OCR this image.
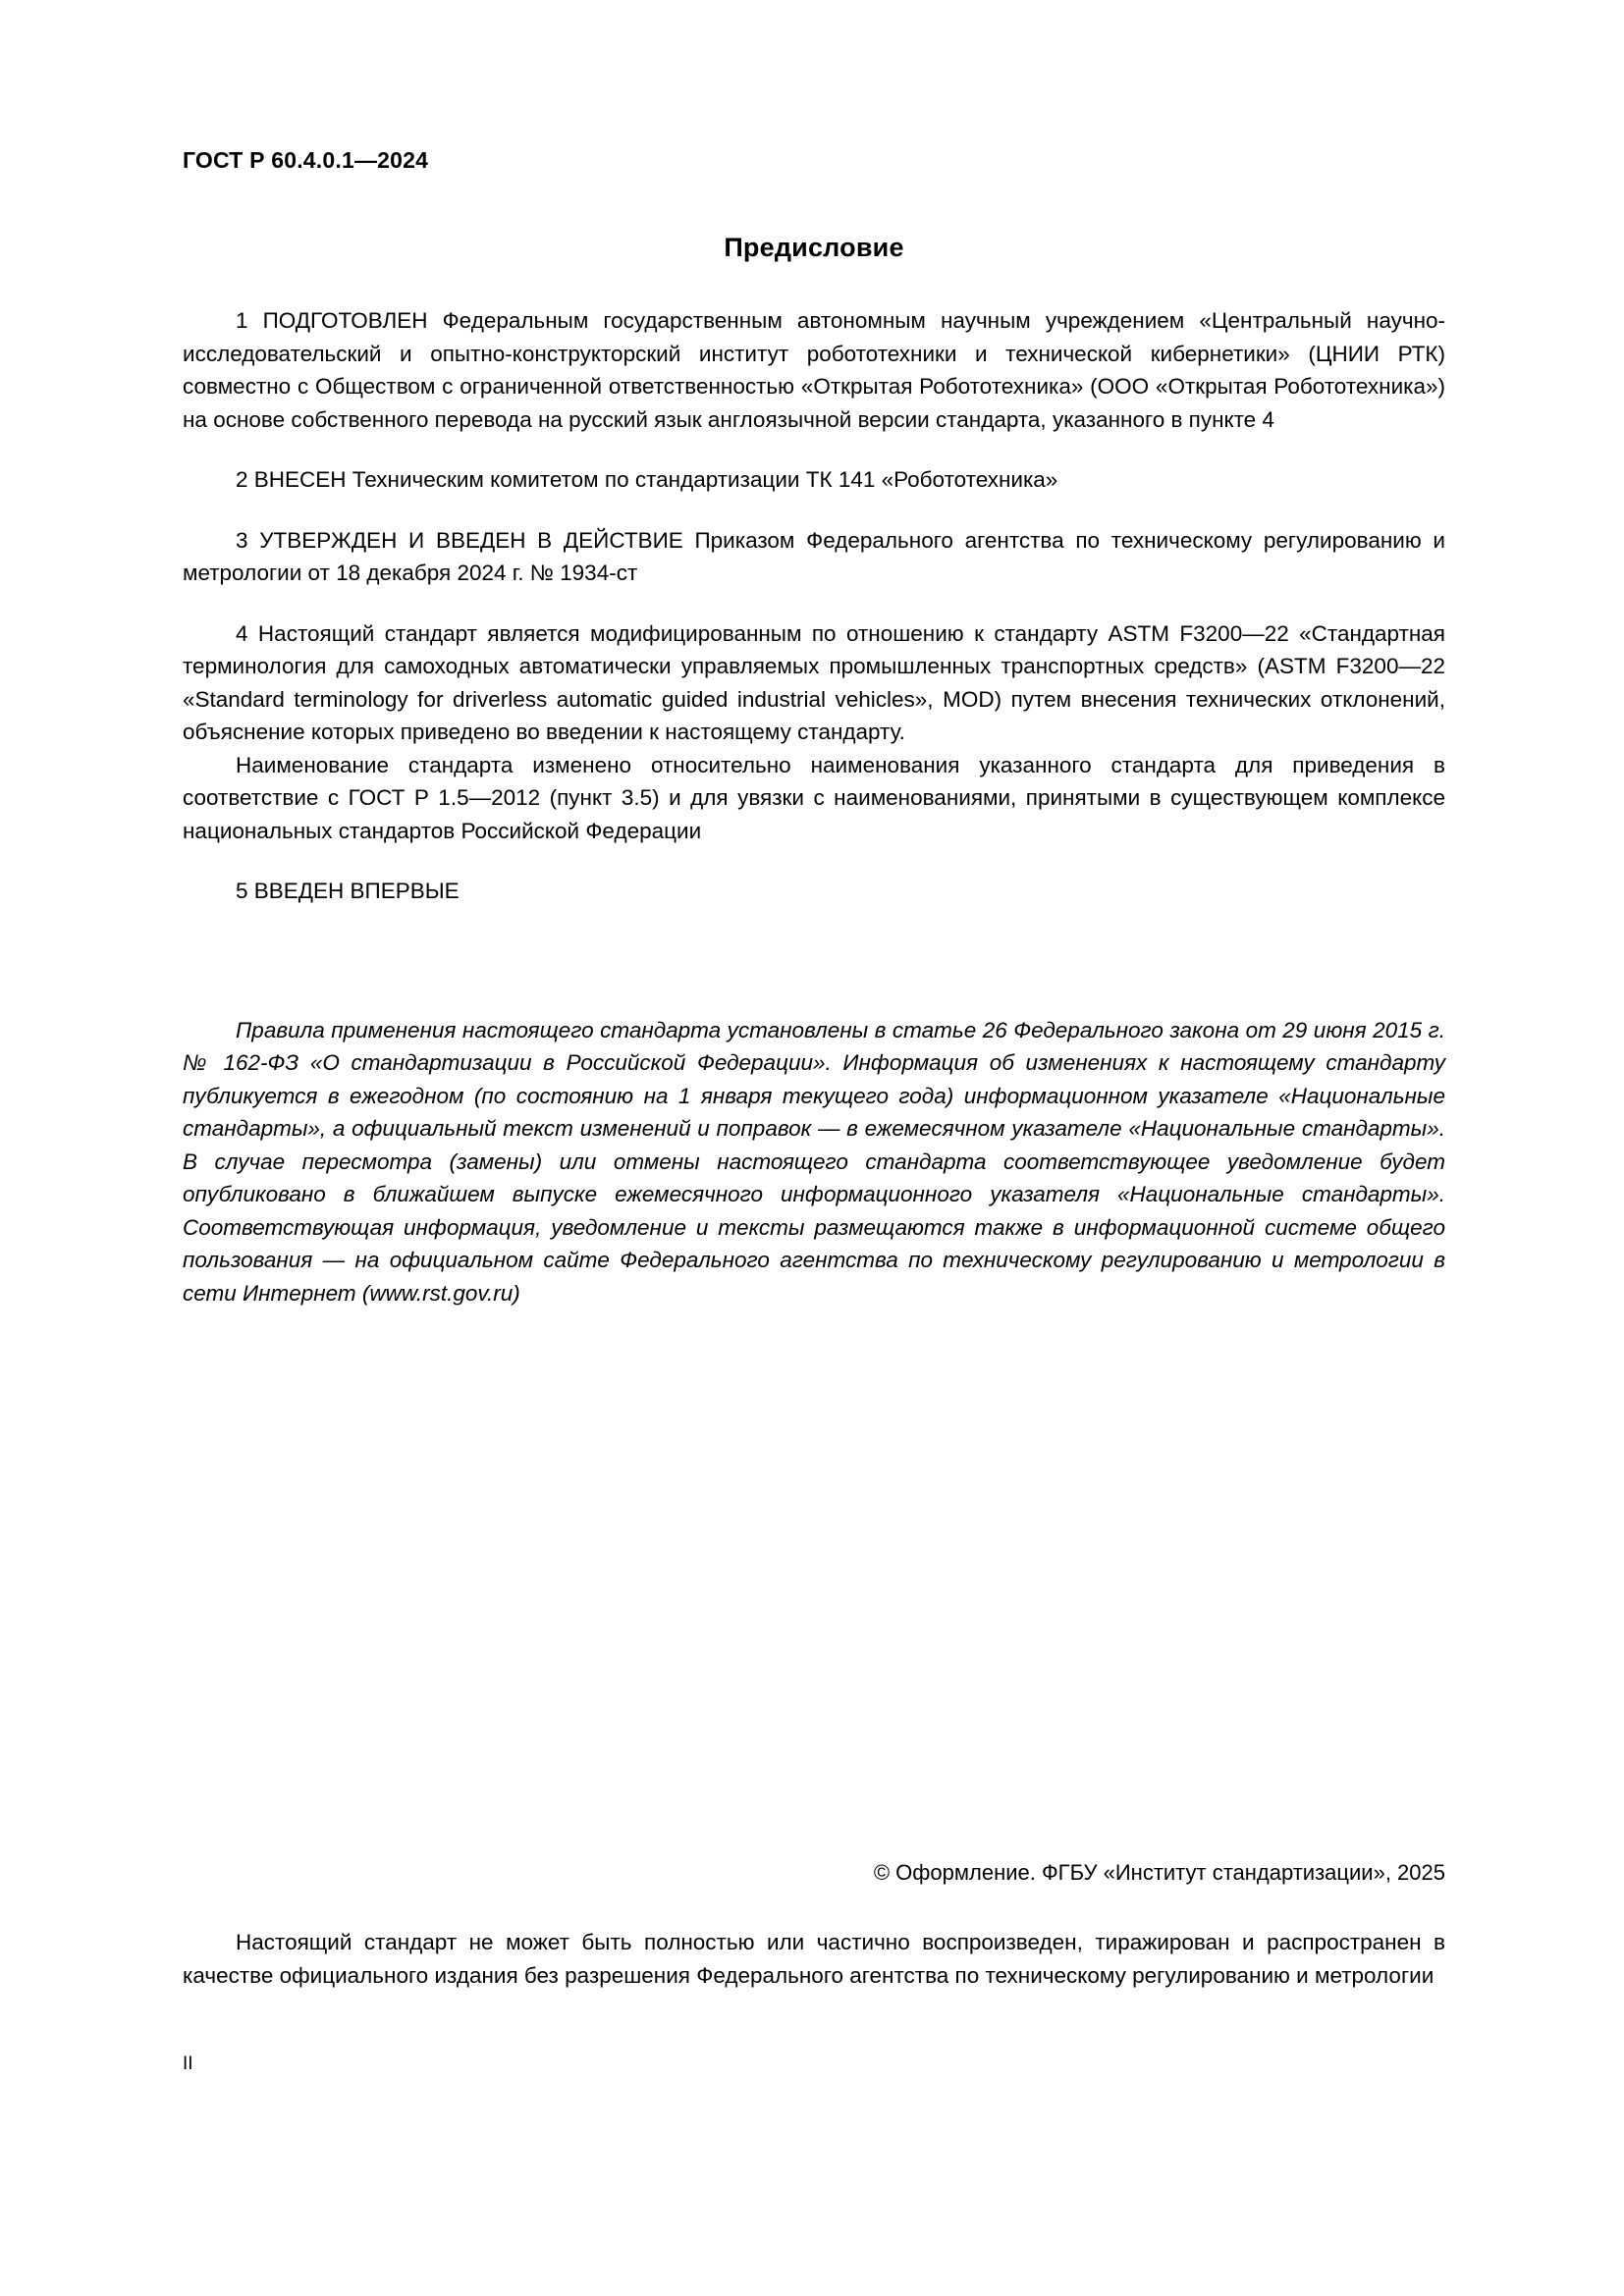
ГОСТ Р 60.4.0.1—2024
Предисловие

1 ПОДГОТОВЛЕН Федеральным государственным автономным научным учреждением «Центральный научно-исследовательский и опытно-конструкторский институт робототехники и технической кибернетики» (ЦНИИ РТК) совместно с Обществом с ограниченной ответственностью «Открытая Робототехника» (ООО «Открытая Робототехника») на основе собственного перевода на русский язык англоязычной версии стандарта, указанного в пункте 4

2 ВНЕСЕН Техническим комитетом по стандартизации ТК 141 «Робототехника»

3 УТВЕРЖДЕН И ВВЕДЕН В ДЕЙСТВИЕ Приказом Федерального агентства по техническому регулированию и метрологии от 18 декабря 2024 г. № 1934-ст

4 Настоящий стандарт является модифицированным по отношению к стандарту ASTM F3200—22 «Стандартная терминология для самоходных автоматически управляемых промышленных транспортных средств» (ASTM F3200—22 «Standard terminology for driverless automatic guided industrial vehicles», MOD) путем внесения технических отклонений, объяснение которых приведено во введении к настоящему стандарту.

Наименование стандарта изменено относительно наименования указанного стандарта для приведения в соответствие с ГОСТ Р 1.5—2012 (пункт 3.5) и для увязки с наименованиями, принятыми в существующем комплексе национальных стандартов Российской Федерации

5 ВВЕДЕН ВПЕРВЫЕ

Правила применения настоящего стандарта установлены в статье 26 Федерального закона от 29 июня 2015 г. № 162-ФЗ «О стандартизации в Российской Федерации». Информация об изменениях к настоящему стандарту публикуется в ежегодном (по состоянию на 1 января текущего года) информационном указателе «Национальные стандарты», а официальный текст изменений и поправок — в ежемесячном указателе «Национальные стандарты». В случае пересмотра (замены) или отмены настоящего стандарта соответствующее уведомление будет опубликовано в ближайшем выпуске ежемесячного информационного указателя «Национальные стандарты». Соответствующая информация, уведомление и тексты размещаются также в информационной системе общего пользования — на официальном сайте Федерального агентства по техническому регулированию и метрологии в сети Интернет (www.rst.gov.ru)

© Оформление. ФГБУ «Институт стандартизации», 2025

Настоящий стандарт не может быть полностью или частично воспроизведен, тиражирован и распространен в качестве официального издания без разрешения Федерального агентства по техническому регулированию и метрологии

II
